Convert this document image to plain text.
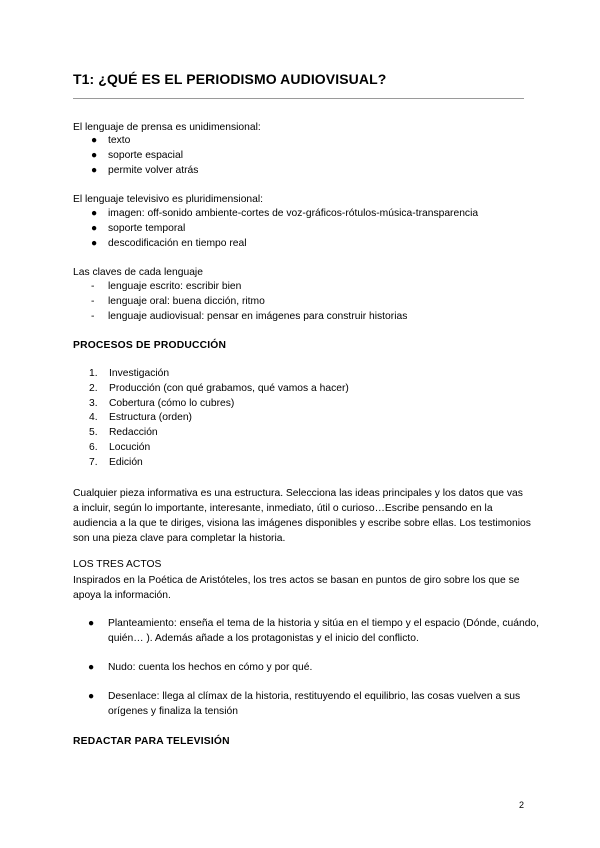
T1: ¿QUÉ ES EL PERIODISMO AUDIOVISUAL?
El lenguaje de prensa es unidimensional:
● texto
● soporte espacial
● permite volver atrás
El lenguaje televisivo es pluridimensional:
● imagen: off-sonido ambiente-cortes de voz-gráficos-rótulos-música-transparencia
● soporte temporal
● descodificación en tiempo real
Las claves de cada lenguaje
- lenguaje escrito: escribir bien
- lenguaje oral: buena dicción, ritmo
- lenguaje audiovisual: pensar en imágenes para construir historias
PROCESOS DE PRODUCCIÓN
1.	Investigación
2.	Producción (con qué grabamos, qué vamos a hacer)
3.	Cobertura (cómo lo cubres)
4.	Estructura (orden)
5.	Redacción
6.	Locución
7.	Edición
Cualquier pieza informativa es una estructura. Selecciona las ideas principales y los datos que vas a incluir, según lo importante, interesante, inmediato, útil o curioso…Escribe pensando en la audiencia a la que te diriges, visiona las imágenes disponibles y escribe sobre ellas. Los testimonios son una pieza clave para completar la historia.
LOS TRES ACTOS
Inspirados en la Poética de Aristóteles, los tres actos se basan en puntos de giro sobre los que se apoya la información.
● Planteamiento: enseña el tema de la historia y sitúa en el tiempo y el espacio (Dónde, cuándo, quién… ). Además añade a los protagonistas y el inicio del conflicto.
● Nudo: cuenta los hechos en cómo y por qué.
● Desenlace: llega al clímax de la historia, restituyendo el equilibrio, las cosas vuelven a sus orígenes y finaliza la tensión
REDACTAR PARA TELEVISIÓN
2
